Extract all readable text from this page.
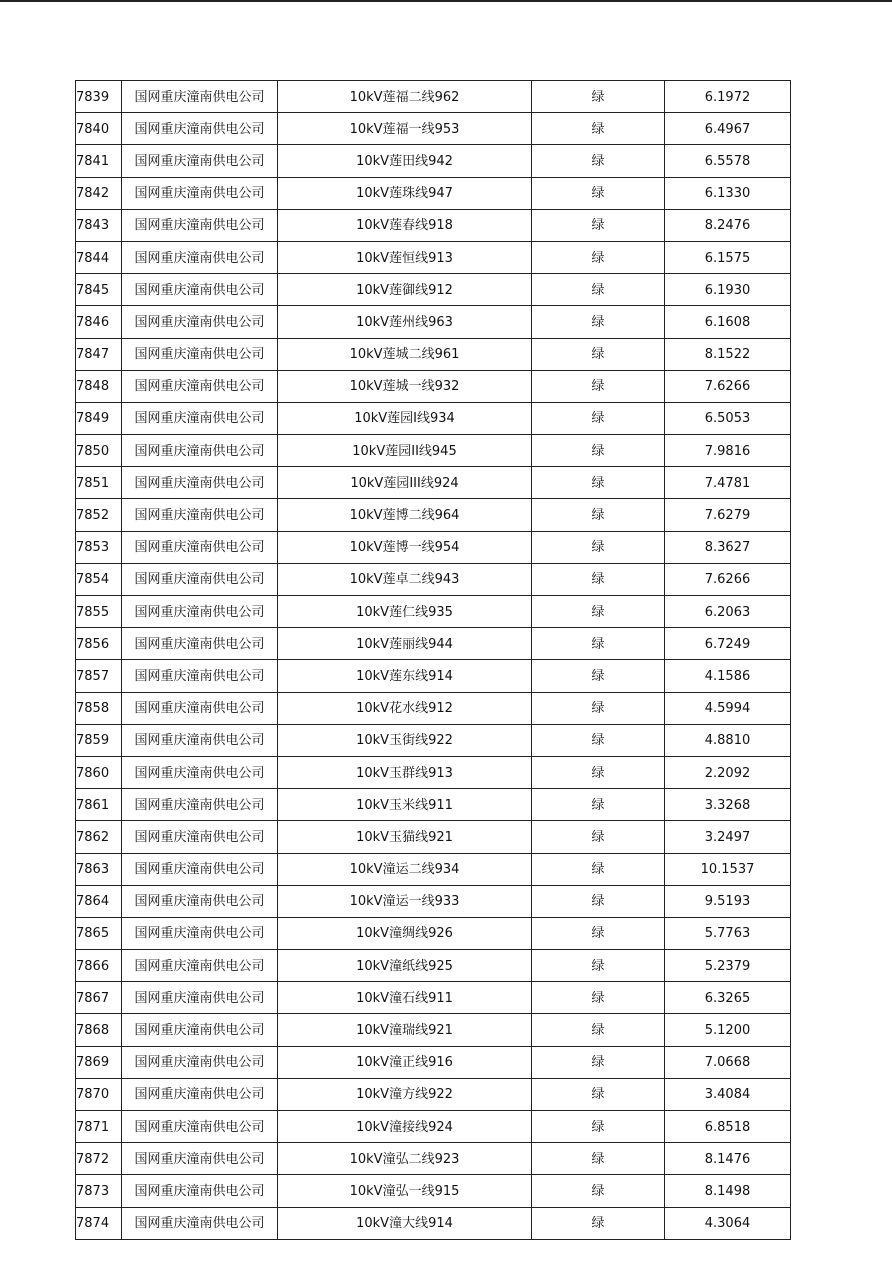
7839	国网重庆潼南供电公司	10kV莲福二线962	绿	6.1972
7840	国网重庆潼南供电公司	10kV莲福一线953	绿	6.4967
7841	国网重庆潼南供电公司	10kV莲田线942	绿	6.5578
7842	国网重庆潼南供电公司	10kV莲珠线947	绿	6.1330
7843	国网重庆潼南供电公司	10kV莲春线918	绿	8.2476
7844	国网重庆潼南供电公司	10kV莲恒线913	绿	6.1575
7845	国网重庆潼南供电公司	10kV莲御线912	绿	6.1930
7846	国网重庆潼南供电公司	10kV莲州线963	绿	6.1608
7847	国网重庆潼南供电公司	10kV莲城二线961	绿	8.1522
7848	国网重庆潼南供电公司	10kV莲城一线932	绿	7.6266
7849	国网重庆潼南供电公司	10kV莲园I线934	绿	6.5053
7850	国网重庆潼南供电公司	10kV莲园II线945	绿	7.9816
7851	国网重庆潼南供电公司	10kV莲园III线924	绿	7.4781
7852	国网重庆潼南供电公司	10kV莲博二线964	绿	7.6279
7853	国网重庆潼南供电公司	10kV莲博一线954	绿	8.3627
7854	国网重庆潼南供电公司	10kV莲卓二线943	绿	7.6266
7855	国网重庆潼南供电公司	10kV莲仁线935	绿	6.2063
7856	国网重庆潼南供电公司	10kV莲丽线944	绿	6.7249
7857	国网重庆潼南供电公司	10kV莲东线914	绿	4.1586
7858	国网重庆潼南供电公司	10kV花水线912	绿	4.5994
7859	国网重庆潼南供电公司	10kV玉街线922	绿	4.8810
7860	国网重庆潼南供电公司	10kV玉群线913	绿	2.2092
7861	国网重庆潼南供电公司	10kV玉米线911	绿	3.3268
7862	国网重庆潼南供电公司	10kV玉猫线921	绿	3.2497
7863	国网重庆潼南供电公司	10kV潼运二线934	绿	10.1537
7864	国网重庆潼南供电公司	10kV潼运一线933	绿	9.5193
7865	国网重庆潼南供电公司	10kV潼绸线926	绿	5.7763
7866	国网重庆潼南供电公司	10kV潼纸线925	绿	5.2379
7867	国网重庆潼南供电公司	10kV潼石线911	绿	6.3265
7868	国网重庆潼南供电公司	10kV潼瑞线921	绿	5.1200
7869	国网重庆潼南供电公司	10kV潼正线916	绿	7.0668
7870	国网重庆潼南供电公司	10kV潼方线922	绿	3.4084
7871	国网重庆潼南供电公司	10kV潼接线924	绿	6.8518
7872	国网重庆潼南供电公司	10kV潼弘二线923	绿	8.1476
7873	国网重庆潼南供电公司	10kV潼弘一线915	绿	8.1498
7874	国网重庆潼南供电公司	10kV潼大线914	绿	4.3064
